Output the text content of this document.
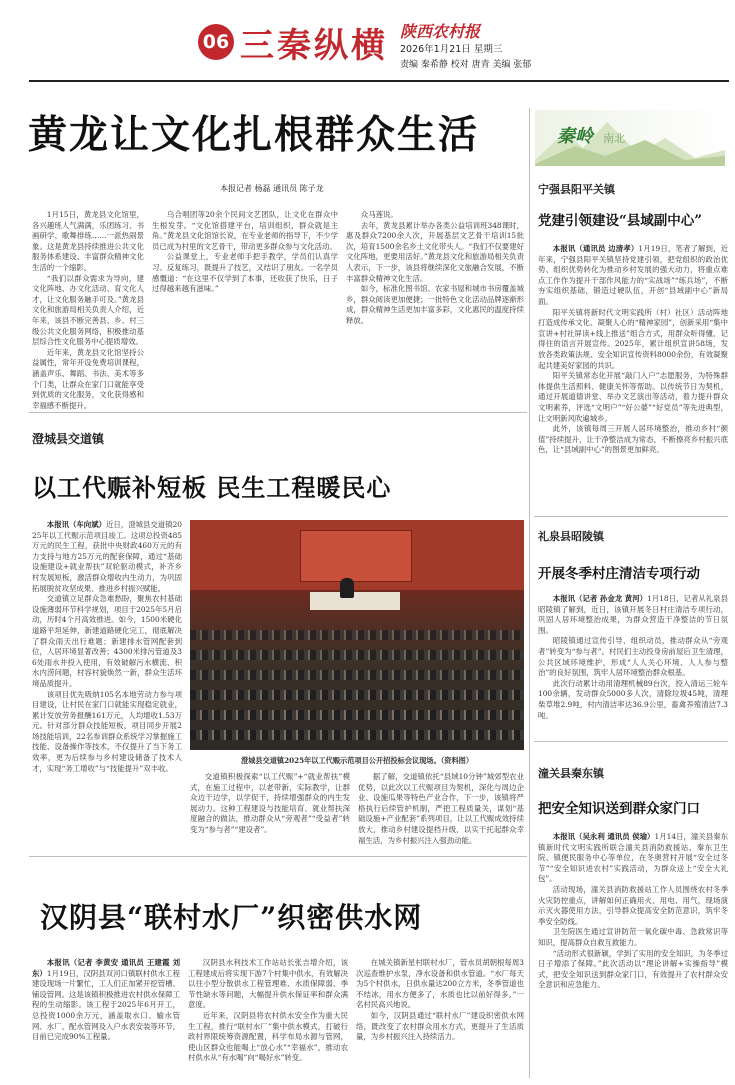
06 三秦纵横 陕西农村报
2026年1月21日 星期三
责编 秦希静 校对 唐青 美编 张郁
秦岭 南北
黄龙让文化扎根群众生活
本报记者 杨磊 通讯员 陈子龙

1月15日，黄龙县文化馆里，各兴趣班人气满满，乐团练习、书画研学、歌舞排练……一派热闹景象。这是黄龙县持续推进公共文化服务体系建设、丰富群众精神文化生活的一个缩影。

“我们以群众需求为导向，建文化阵地、办文化活动、育文化人才，让文化服务触手可及。”黄龙县文化和旅游局相关负责人介绍，近年来，该县不断完善县、乡、村三级公共文化服务网络，积极推动基层综合性文化服务中心提质增效。

近年来，黄龙县文化馆坚持公益属性，常年开设免费培训课程，涵盖声乐、舞蹈、书法、美术等多个门类，让群众在家门口就能享受到优质的文化服务，文化获得感和幸福感不断提升。

乌合唱团等20余个民间文艺团队，让文化在群众中生根发芽。“文化馆搭建平台，培训组织，群众就是主角。”黄龙县文化馆馆长说，在专业老师的指导下，不少学员已成为村里的文艺骨干，带动更多群众参与文化活动。

公益课堂上，专业老师手把手教学，学员们认真学习、反复练习，既提升了技艺，又结识了朋友。一名学员感慨道：“在这里不仅学到了本事，还收获了快乐，日子过得越来越有滋味。”

众马莲说。

去年，黄龙县累计举办各类公益培训班348课时，惠及群众7200余人次，开展基层文艺骨干培训15批次，培育1500余名乡土文化带头人。“我们不仅要建好文化阵地，更要用活好。”黄龙县文化和旅游局相关负责人表示，下一步，该县将继续深化文旅融合发展，不断丰富群众精神文化生活。

如今，标准化图书馆、农家书屋和城市书房覆盖城乡，群众阅读更加便捷；一批特色文化活动品牌逐渐形成，群众精神生活更加丰富多彩，文化惠民的温度持续释放。

澄城县交道镇
以工代赈补短板 民生工程暖民心

本报讯（车向斌）近日，澄城县交道镇2025年以工代赈示范项目竣工。这项总投资485万元的民生工程，获批中央财政460万元的有力支持与地方25万元的配套保障，通过“基础设施建设+就业帮扶”双轮驱动模式，补齐乡村发展短板，激活群众增收内生动力，为巩固拓展脱贫攻坚成果、推进乡村振兴赋能。

交道镇立足群众急难愁盼，聚焦农村基础设施薄弱环节科学规划，项目于2025年5月启动，历时4个月高效推进。如今，1500米硬化道路平坦延伸，新建道路硬化完工，彻底解决了群众雨天出行难题；新建排水管网配套到位，人居环境显著改善；4300米排污管道及36处雨水井投入使用，有效破解污水横流、积水内涝问题，村容村貌焕然一新，群众生活环境品质提升。

该项目优先吸纳105名本地劳动力参与项目建设，让村民在家门口就能实现稳定就业，累计发放劳务报酬161万元，人均增收1.53万元。针对部分群众技能短板，项目同步开展2场技能培训，22名参训群众系统学习掌握施工技能、设备操作等技术，不仅提升了当下务工效率，更为后续参与乡村建设储备了技术人才，实现“务工增收”与“技能提升”双丰收。

澄城县交道镇2025年以工代赈示范项目公开招投标会议现场。（资料图）

交道镇积极探索“以工代赈”+“就业帮扶”模式，在施工过程中，以老带新，实际教学，让群众边干边学，以学促干，持续增强群众的内生发展动力。这种工程建设与技能培育、就业帮扶深度融合的做法，推动群众从“旁观者”“受益者”转变为“参与者”“建设者”。

据了解，交道镇依托“县域10分钟”城郊型农业优势，以此次以工代赈项目为契机，深化与周边企业、设施瓜果等特色产业合作，下一步，该镇将严格执行后续管护机制，严把工程质量关，谋划“基础设施+产业配套”系列项目，让以工代赈成效持续放大，推动乡村建设提档升级，以实干托起群众幸福生活，为乡村振兴注入强劲动能。

汉阴县“联村水厂”织密供水网

本报讯（记者 李黄安 通讯员 王建霞 刘东）1月19日，汉阴县双河口镇联村供水工程建设现场一片繁忙，工人们正加紧开挖管槽、铺设管网。这是该镇积极推进农村供水保障工程的生动缩影。该工程于2025年6月开工，总投资1000余万元，涵盖取水口、输水管网、水厂、配水管网及入户水表安装等环节，目前已完成90%工程量。

汉阴县水利技术工作站站长张吉增介绍，该工程建成后将实现下游7个村集中供水，有效解决以往小型分散供水工程管理难、水质保障弱、季节性缺水等问题，大幅提升供水保证率和群众满意度。

近年来，汉阴县将农村供水安全作为重大民生工程，推行“联村水厂”集中供水模式，打破行政村界限统筹资源配置，科学布局水源与管网，使山区群众也能喝上“放心水”“幸福水”，推动农村供水从“有水喝”向“喝好水”转变。

在城关镇新星村联村水厂，管水员胡朝根每周3次巡查维护水泵，净水设备和供水管道。“水厂每天为5个村供水，日供水量达200立方米，冬季管道也不结冰，用水方便多了，水质也比以前好得多。”一名村民高兴地说。

如今，汉阴县通过“联村水厂”建设织密供水网络，既改变了农村群众用水方式，更提升了生活质量，为乡村振兴注入持续活力。

宁强县阳平关镇
党建引领建设“县域副中心”

本报讯（通讯员 边清孝）1月19日，笔者了解到，近年来，宁强县阳平关镇坚持党建引领，把党组织的政治优势、组织优势转化为推动乡村发展的强大动力，将重点难点工作作为提升干部作风能力的“实战场”“练兵场”，不断夯实组织基础，锻造过硬队伍，开创“县域副中心”新局面。

阳平关镇将新时代文明实践所（村）社区）活动阵地打造成传承文化、凝聚人心的“精神家园”，创新采用“集中宣讲+村社屏读+线上推送”组合方式，用群众听得懂、记得住的语言开展宣传。2025年，累计组织宣讲58场，发放各类政策法规、安全知识宣传资料8000余份，有效凝聚起共建美好家园的共识。

阳平关镇常态化开展“敲门入户”志愿服务，为特殊群体提供生活照料、健康关怀等帮助。以传统节日为契机，通过开展道德讲堂、举办文艺演出等活动，着力提升群众文明素养，评选“文明户”“好公婆”“好党员”等先进典型，让文明新风吹遍城乡。

此外，该镇每周三开展人居环境整治，推动乡村“颜值”持续提升，让干净整洁成为常态，不断擦亮乡村振兴底色，让“县域副中心”的图景更加鲜亮。

礼泉县昭陵镇
开展冬季村庄清洁专项行动

本报讯（记者 孙金龙 黄河）1月18日，记者从礼泉县昭陵镇了解到，近日，该镇开展冬日村庄清洁专项行动，巩固人居环境整治成果，为群众营造干净整洁的节日氛围。

昭陵镇通过宣传引导、组织动员，推动群众从“旁观者”转变为“参与者”。村民们主动投身房前屋后卫生清理，公共区域环境维护，形成“人人关心环境、人人参与整治”的良好氛围，筑牢人居环境整治群众根基。

此次行动累计动用清理机械89台次，投入清运三轮车100余辆，发动群众5000多人次，清除垃圾45吨，清理柴草堆2.9吨，村内清洁率达36.9公里，畜禽养殖清洁7.3吨。

潼关县秦东镇
把安全知识送到群众家门口

本报讯（吴永利 通讯员 侯瑜）1月14日，潼关县秦东镇新时代文明实践所联合潼关县消防救援站、秦东卫生院、镇便民服务中心等单位，在冬奥营村开展“安全过冬节”“安全知识进农村”实践活动，为群众送上“安全大礼包”。

活动现场，潼关县消防救援站工作人员围绕农村冬季火灾防控重点，讲解如何正确用火、用电、用气，现场演示灭火器使用方法，引导群众提高安全防范意识，筑牢冬季安全防线。

卫生院医生通过宣讲防范一氧化碳中毒、急救常识等知识，提高群众自救互救能力。

“活动形式很新颖，学到了实用的安全知识，为冬季过日子增添了保障。”此次活动以“理论讲解+实操指导”模式，把安全知识送到群众家门口，有效提升了农村群众安全意识和应急能力。
